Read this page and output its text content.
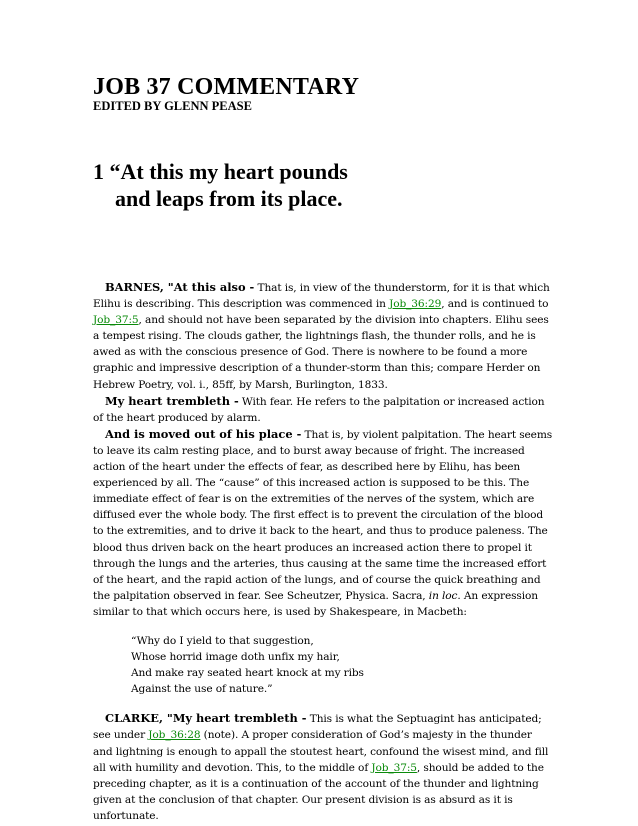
JOB 37 COMMENTARY
EDITED BY GLENN PEASE
1 “At this my heart pounds
and leaps from its place.

BARNES, "At this also - That is, in view of the thunderstorm, for it is that which Elihu is describing. This description was commenced in Job_36:29, and is continued to Job_37:5, and should not have been separated by the division into chapters. Elihu sees a tempest rising. The clouds gather, the lightnings flash, the thunder rolls, and he is awed as with the conscious presence of God. There is nowhere to be found a more graphic and impressive description of a thunder-storm than this; compare Herder on Hebrew Poetry, vol. i., 85ff, by Marsh, Burlington, 1833.

My heart trembleth - With fear. He refers to the palpitation or increased action of the heart produced by alarm.

And is moved out of his place - That is, by violent palpitation. The heart seems to leave its calm resting place, and to burst away because of fright. The increased action of the heart under the effects of fear, as described here by Elihu, has been experienced by all. The “cause” of this increased action is supposed to be this. The immediate effect of fear is on the extremities of the nerves of the system, which are diffused ever the whole body. The first effect is to prevent the circulation of the blood to the extremities, and to drive it back to the heart, and thus to produce paleness. The blood thus driven back on the heart produces an increased action there to propel it through the lungs and the arteries, thus causing at the same time the increased effort of the heart, and the rapid action of the lungs, and of course the quick breathing and the palpitation observed in fear. See Scheutzer, Physica. Sacra, in loc. An expression similar to that which occurs here, is used by Shakespeare, in Macbeth:

“Why do I yield to that suggestion,
Whose horrid image doth unfix my hair,
And make ray seated heart knock at my ribs
Against the use of nature.”

CLARKE, "My heart trembleth - This is what the Septuagint has anticipated; see under Job_36:28 (note). A proper consideration of God’s majesty in the thunder and lightning is enough to appall the stoutest heart, confound the wisest mind, and fill all with humility and devotion. This, to the middle of Job_37:5, should be added to the preceding chapter, as it is a continuation of the account of the thunder and lightning given at the conclusion of that chapter. Our present division is as absurd as it is unfortunate.
